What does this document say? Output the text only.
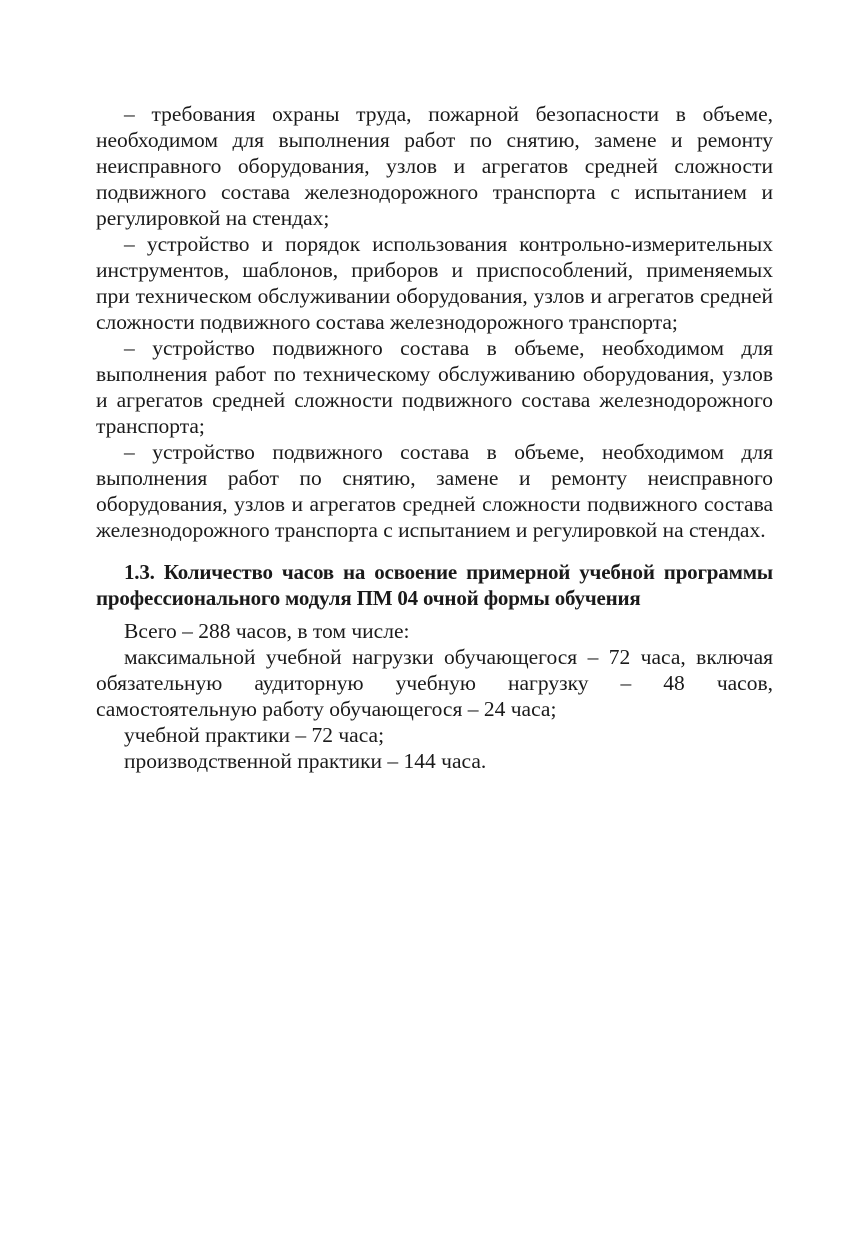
– требования охраны труда, пожарной безопасности в объеме, необходимом для выполнения работ по снятию, замене и ремонту неисправного оборудования, узлов и агрегатов средней сложности подвижного состава железнодорожного транспорта с испытанием и регулировкой на стендах;

– устройство и порядок использования контрольно-измерительных инструментов, шаблонов, приборов и приспособлений, применяемых при техническом обслуживании оборудования, узлов и агрегатов средней сложности подвижного состава железнодорожного транспорта;

– устройство подвижного состава в объеме, необходимом для выполнения работ по техническому обслуживанию оборудования, узлов и агрегатов средней сложности подвижного состава железнодорожного транспорта;

– устройство подвижного состава в объеме, необходимом для выполнения работ по снятию, замене и ремонту неисправного оборудования, узлов и агрегатов средней сложности подвижного состава железнодорожного транспорта с испытанием и регулировкой на стендах.

1.3. Количество часов на освоение примерной учебной программы профессионального модуля ПМ 04 очной формы обучения

Всего – 288 часов, в том числе:

максимальной учебной нагрузки обучающегося – 72 часа, включая обязательную аудиторную учебную нагрузку – 48 часов, самостоятельную работу обучающегося – 24 часа;

учебной практики – 72 часа;

производственной практики – 144 часа.
